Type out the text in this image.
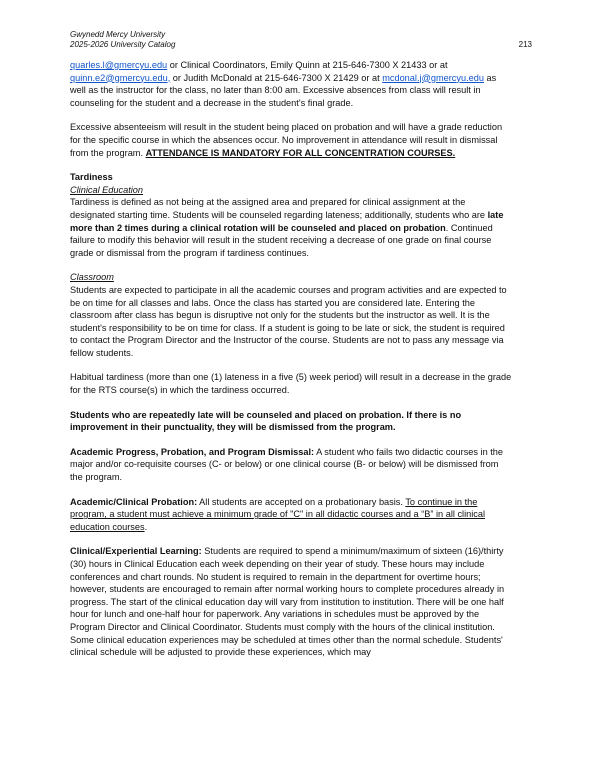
Gwynedd Mercy University
2025-2026 University Catalog	213

quarles.l@gmercyu.edu or Clinical Coordinators, Emily Quinn at 215-646-7300 X 21433 or at quinn.e2@gmercyu.edu, or Judith McDonald at 215-646-7300 X 21429 or at mcdonal.j@gmercyu.edu as well as the instructor for the class, no later than 8:00 am. Excessive absences from class will result in counseling for the student and a decrease in the student's final grade.

Excessive absenteeism will result in the student being placed on probation and will have a grade reduction for the specific course in which the absences occur. No improvement in attendance will result in dismissal from the program. ATTENDANCE IS MANDATORY FOR ALL CONCENTRATION COURSES.

Tardiness
Clinical Education

Tardiness is defined as not being at the assigned area and prepared for clinical assignment at the designated starting time. Students will be counseled regarding lateness; additionally, students who are late more than 2 times during a clinical rotation will be counseled and placed on probation. Continued failure to modify this behavior will result in the student receiving a decrease of one grade on final course grade or dismissal from the program if tardiness continues.

Classroom

Students are expected to participate in all the academic courses and program activities and are expected to be on time for all classes and labs. Once the class has started you are considered late. Entering the classroom after class has begun is disruptive not only for the students but the instructor as well. It is the student's responsibility to be on time for class. If a student is going to be late or sick, the student is required to contact the Program Director and the Instructor of the course. Students are not to pass any message via fellow students.

Habitual tardiness (more than one (1) lateness in a five (5) week period) will result in a decrease in the grade for the RTS course(s) in which the tardiness occurred.

Students who are repeatedly late will be counseled and placed on probation. If there is no improvement in their punctuality, they will be dismissed from the program.

Academic Progress, Probation, and Program Dismissal: A student who fails two didactic courses in the major and/or co-requisite courses (C- or below) or one clinical course (B- or below) will be dismissed from the program.

Academic/Clinical Probation: All students are accepted on a probationary basis. To continue in the program, a student must achieve a minimum grade of "C" in all didactic courses and a “B” in all clinical education courses.

Clinical/Experiential Learning: Students are required to spend a minimum/maximum of sixteen (16)/thirty (30) hours in Clinical Education each week depending on their year of study. These hours may include conferences and chart rounds. No student is required to remain in the department for overtime hours; however, students are encouraged to remain after normal working hours to complete procedures already in progress. The start of the clinical education day will vary from institution to institution. There will be one half hour for lunch and one-half hour for paperwork. Any variations in schedules must be approved by the Program Director and Clinical Coordinator. Students must comply with the hours of the clinical institution. Some clinical education experiences may be scheduled at times other than the normal schedule. Students' clinical schedule will be adjusted to provide these experiences, which may
